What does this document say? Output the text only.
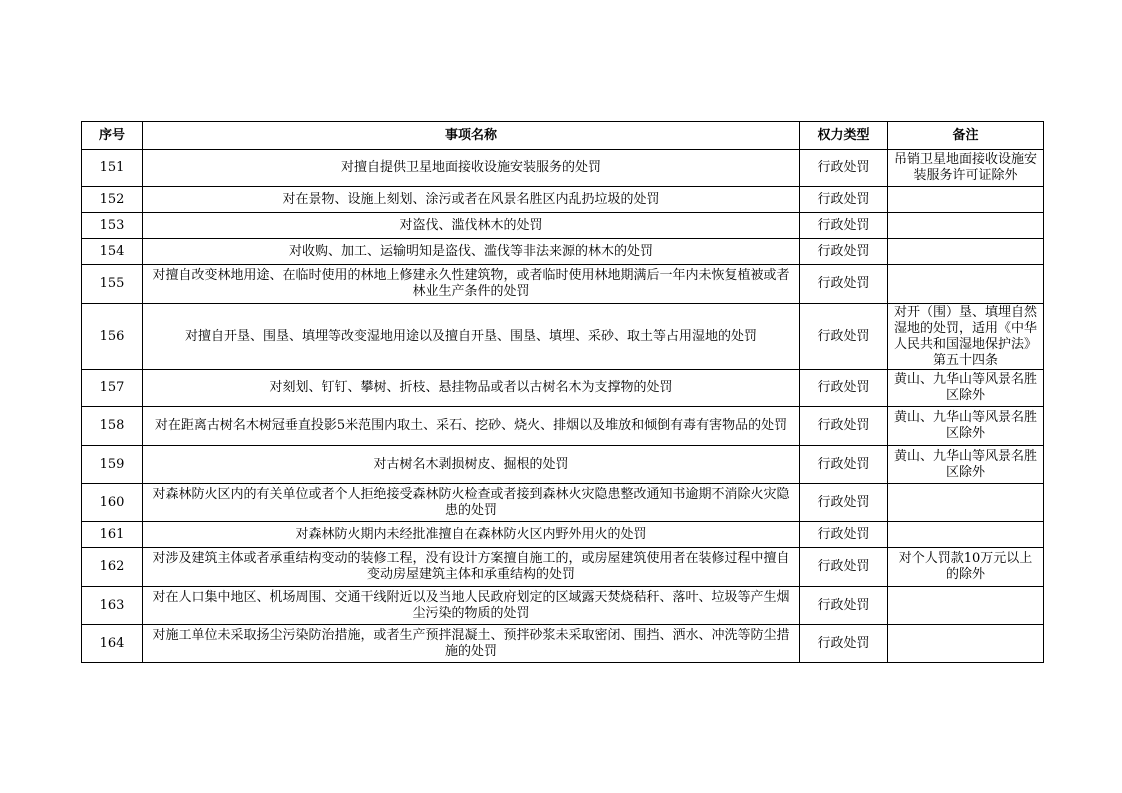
序号	事项名称	权力类型	备注
151	对擅自提供卫星地面接收设施安装服务的处罚	行政处罚	吊销卫星地面接收设施安装服务许可证除外
152	对在景物、设施上刻划、涂污或者在风景名胜区内乱扔垃圾的处罚	行政处罚	
153	对盗伐、滥伐林木的处罚	行政处罚	
154	对收购、加工、运输明知是盗伐、滥伐等非法来源的林木的处罚	行政处罚	
155	对擅自改变林地用途、在临时使用的林地上修建永久性建筑物，或者临时使用林地期满后一年内未恢复植被或者林业生产条件的处罚	行政处罚	
156	对擅自开垦、围垦、填埋等改变湿地用途以及擅自开垦、围垦、填埋、采砂、取土等占用湿地的处罚	行政处罚	对开（围）垦、填埋自然湿地的处罚，适用《中华人民共和国湿地保护法》第五十四条
157	对刻划、钉钉、攀树、折枝、悬挂物品或者以古树名木为支撑物的处罚	行政处罚	黄山、九华山等风景名胜区除外
158	对在距离古树名木树冠垂直投影5米范围内取土、采石、挖砂、烧火、排烟以及堆放和倾倒有毒有害物品的处罚	行政处罚	黄山、九华山等风景名胜区除外
159	对古树名木剥损树皮、掘根的处罚	行政处罚	黄山、九华山等风景名胜区除外
160	对森林防火区内的有关单位或者个人拒绝接受森林防火检查或者接到森林火灾隐患整改通知书逾期不消除火灾隐患的处罚	行政处罚	
161	对森林防火期内未经批准擅自在森林防火区内野外用火的处罚	行政处罚	
162	对涉及建筑主体或者承重结构变动的装修工程，没有设计方案擅自施工的，或房屋建筑使用者在装修过程中擅自变动房屋建筑主体和承重结构的处罚	行政处罚	对个人罚款10万元以上的除外
163	对在人口集中地区、机场周围、交通干线附近以及当地人民政府划定的区域露天焚烧秸秆、落叶、垃圾等产生烟尘污染的物质的处罚	行政处罚	
164	对施工单位未采取扬尘污染防治措施，或者生产预拌混凝土、预拌砂浆未采取密闭、围挡、洒水、冲洗等防尘措施的处罚	行政处罚	
